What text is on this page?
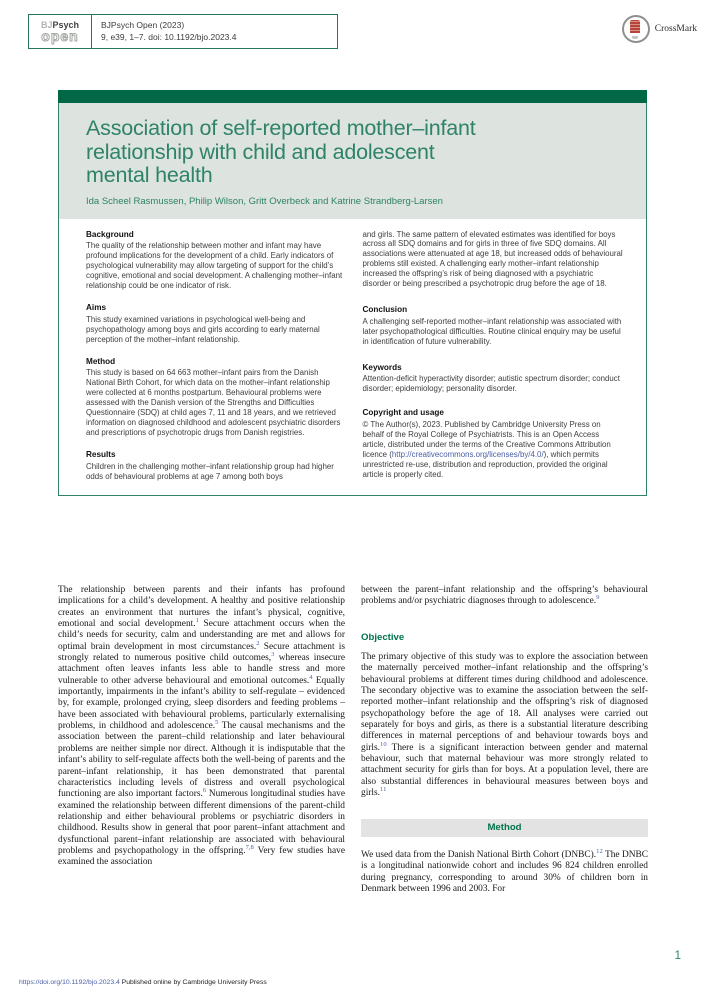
BJPsych
open
BJPsych Open (2023)
9, e39, 1–7. doi: 10.1192/bjo.2023.4
CrossMark
Association of self-reported mother–infant
relationship with child and adolescent
mental health
Ida Scheel Rasmussen, Philip Wilson, Gritt Overbeck and Katrine Strandberg-Larsen
Background
The quality of the relationship between mother and infant may have profound implications for the development of a child. Early indicators of psychological vulnerability may allow targeting of support for the child’s cognitive, emotional and social development. A challenging mother–infant relationship could be one indicator of risk.
Aims
This study examined variations in psychological well-being and psychopathology among boys and girls according to early maternal perception of the mother–infant relationship.
Method
This study is based on 64 663 mother–infant pairs from the Danish National Birth Cohort, for which data on the mother–infant relationship were collected at 6 months postpartum. Behavioural problems were assessed with the Danish version of the Strengths and Difficulties Questionnaire (SDQ) at child ages 7, 11 and 18 years, and we retrieved information on diagnosed childhood and adolescent psychiatric disorders and prescriptions of psychotropic drugs from Danish registries.
Results
Children in the challenging mother–infant relationship group had higher odds of behavioural problems at age 7 among both boys
and girls. The same pattern of elevated estimates was identified for boys across all SDQ domains and for girls in three of five SDQ domains. All associations were attenuated at age 18, but increased odds of behavioural problems still existed. A challenging early mother–infant relationship increased the offspring’s risk of being diagnosed with a psychiatric disorder or being prescribed a psychotropic drug before the age of 18.
Conclusion
A challenging self-reported mother–infant relationship was associated with later psychopathological difficulties. Routine clinical enquiry may be useful in identification of future vulnerability.
Keywords
Attention-deficit hyperactivity disorder; autistic spectrum disorder; conduct disorder; epidemiology; personality disorder.
Copyright and usage
© The Author(s), 2023. Published by Cambridge University Press on behalf of the Royal College of Psychiatrists. This is an Open Access article, distributed under the terms of the Creative Commons Attribution licence (http://creativecommons.org/licenses/by/4.0/), which permits unrestricted re-use, distribution and reproduction, provided the original article is properly cited.
The relationship between parents and their infants has profound implications for a child’s development. A healthy and positive relationship creates an environment that nurtures the infant’s physical, cognitive, emotional and social development.$^1$ Secure attachment occurs when the child’s needs for security, calm and understanding are met and allows for optimal brain development in most circumstances.$^2$ Secure attachment is strongly related to numerous positive child outcomes,$^3$ whereas insecure attachment often leaves infants less able to handle stress and more vulnerable to other adverse behavioural and emotional outcomes.$^4$ Equally importantly, impairments in the infant’s ability to self-regulate – evidenced by, for example, prolonged crying, sleep disorders and feeding problems – have been associated with behavioural problems, particularly externalising problems, in childhood and adolescence.$^5$ The causal mechanisms and the association between the parent–child relationship and later behavioural problems are neither simple nor direct. Although it is indisputable that the infant’s ability to self-regulate affects both the well-being of parents and the parent–infant relationship, it has been demonstrated that parental characteristics including levels of distress and overall psychological functioning are also important factors.$^6$ Numerous longitudinal studies have examined the relationship between different dimensions of the parent-child relationship and either behavioural problems or psychiatric disorders in childhood. Results show in general that poor parent–infant attachment and dysfunctional parent–infant relationship are associated with behavioural problems and psychopathology in the offspring.$^{7,8}$ Very few studies have examined the association
between the parent–infant relationship and the offspring’s behavioural problems and/or psychiatric diagnoses through to adolescence.$^9$
Objective
The primary objective of this study was to explore the association between the maternally perceived mother–infant relationship and the offspring’s behavioural problems at different times during childhood and adolescence. The secondary objective was to examine the association between the self-reported mother–infant relationship and the offspring’s risk of diagnosed psychopathology before the age of 18. All analyses were carried out separately for boys and girls, as there is a substantial literature describing differences in maternal perceptions of and behaviour towards boys and girls.$^{10}$ There is a significant interaction between gender and maternal behaviour, such that maternal behaviour was more strongly related to attachment security for girls than for boys. At a population level, there are also substantial differences in behavioural measures between boys and girls.$^{11}$
Method
We used data from the Danish National Birth Cohort (DNBC).$^{12}$ The DNBC is a longitudinal nationwide cohort and includes 96 824 children enrolled during pregnancy, corresponding to around 30% of children born in Denmark between 1996 and 2003. For
https://doi.org/10.1192/bjo.2023.4 Published online by Cambridge University Press
1
